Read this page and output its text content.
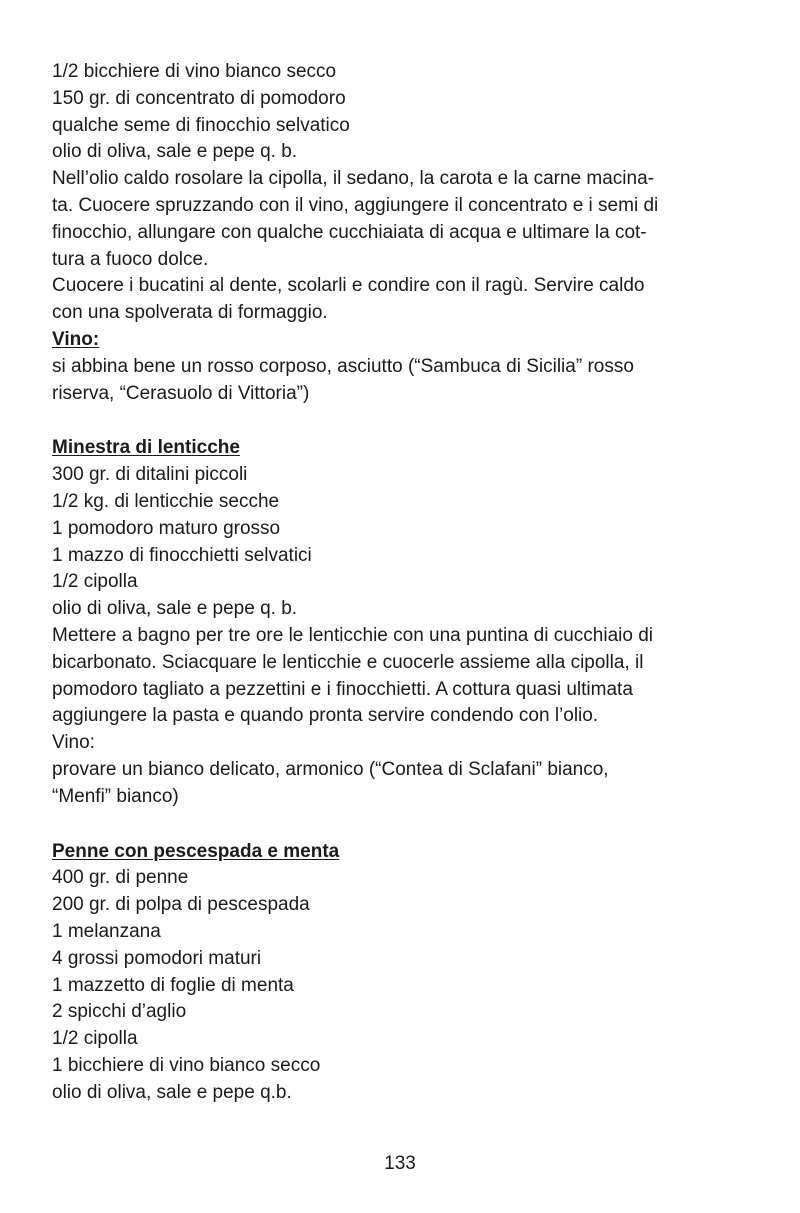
1/2 bicchiere di vino bianco secco
150 gr. di concentrato di pomodoro
qualche seme di finocchio selvatico
olio di oliva, sale e pepe q. b.
Nell’olio caldo rosolare la cipolla, il sedano, la carota e la carne macina-
ta. Cuocere spruzzando con il vino, aggiungere il concentrato e i semi di
finocchio, allungare con qualche cucchiaiata di acqua e ultimare la cot-
tura a fuoco dolce.
Cuocere i bucatini al dente, scolarli e condire con il ragù. Servire caldo
con una spolverata di formaggio.
Vino:
si abbina bene un rosso corposo, asciutto (“Sambuca di Sicilia” rosso
riserva, “Cerasuolo di Vittoria”)
Minestra di lenticche
300 gr. di ditalini piccoli
1/2 kg. di lenticchie secche
1 pomodoro maturo grosso
1 mazzo di finocchietti selvatici
1/2 cipolla
olio di oliva, sale e pepe q. b.
Mettere a bagno per tre ore le lenticchie con una puntina di cucchiaio di
bicarbonato. Sciacquare le lenticchie e cuocerle assieme alla cipolla, il
pomodoro tagliato a pezzettini e i finocchietti. A cottura quasi ultimata
aggiungere la pasta e quando pronta servire condendo con l’olio.
Vino:
provare un bianco delicato, armonico (“Contea di Sclafani” bianco,
“Menfi” bianco)
Penne con pescespada e menta
400 gr. di penne
200 gr. di polpa di pescespada
1 melanzana
4 grossi pomodori maturi
1 mazzetto di foglie di menta
2 spicchi d’aglio
1/2 cipolla
1 bicchiere di vino bianco secco
olio di oliva, sale e pepe q.b.
133
